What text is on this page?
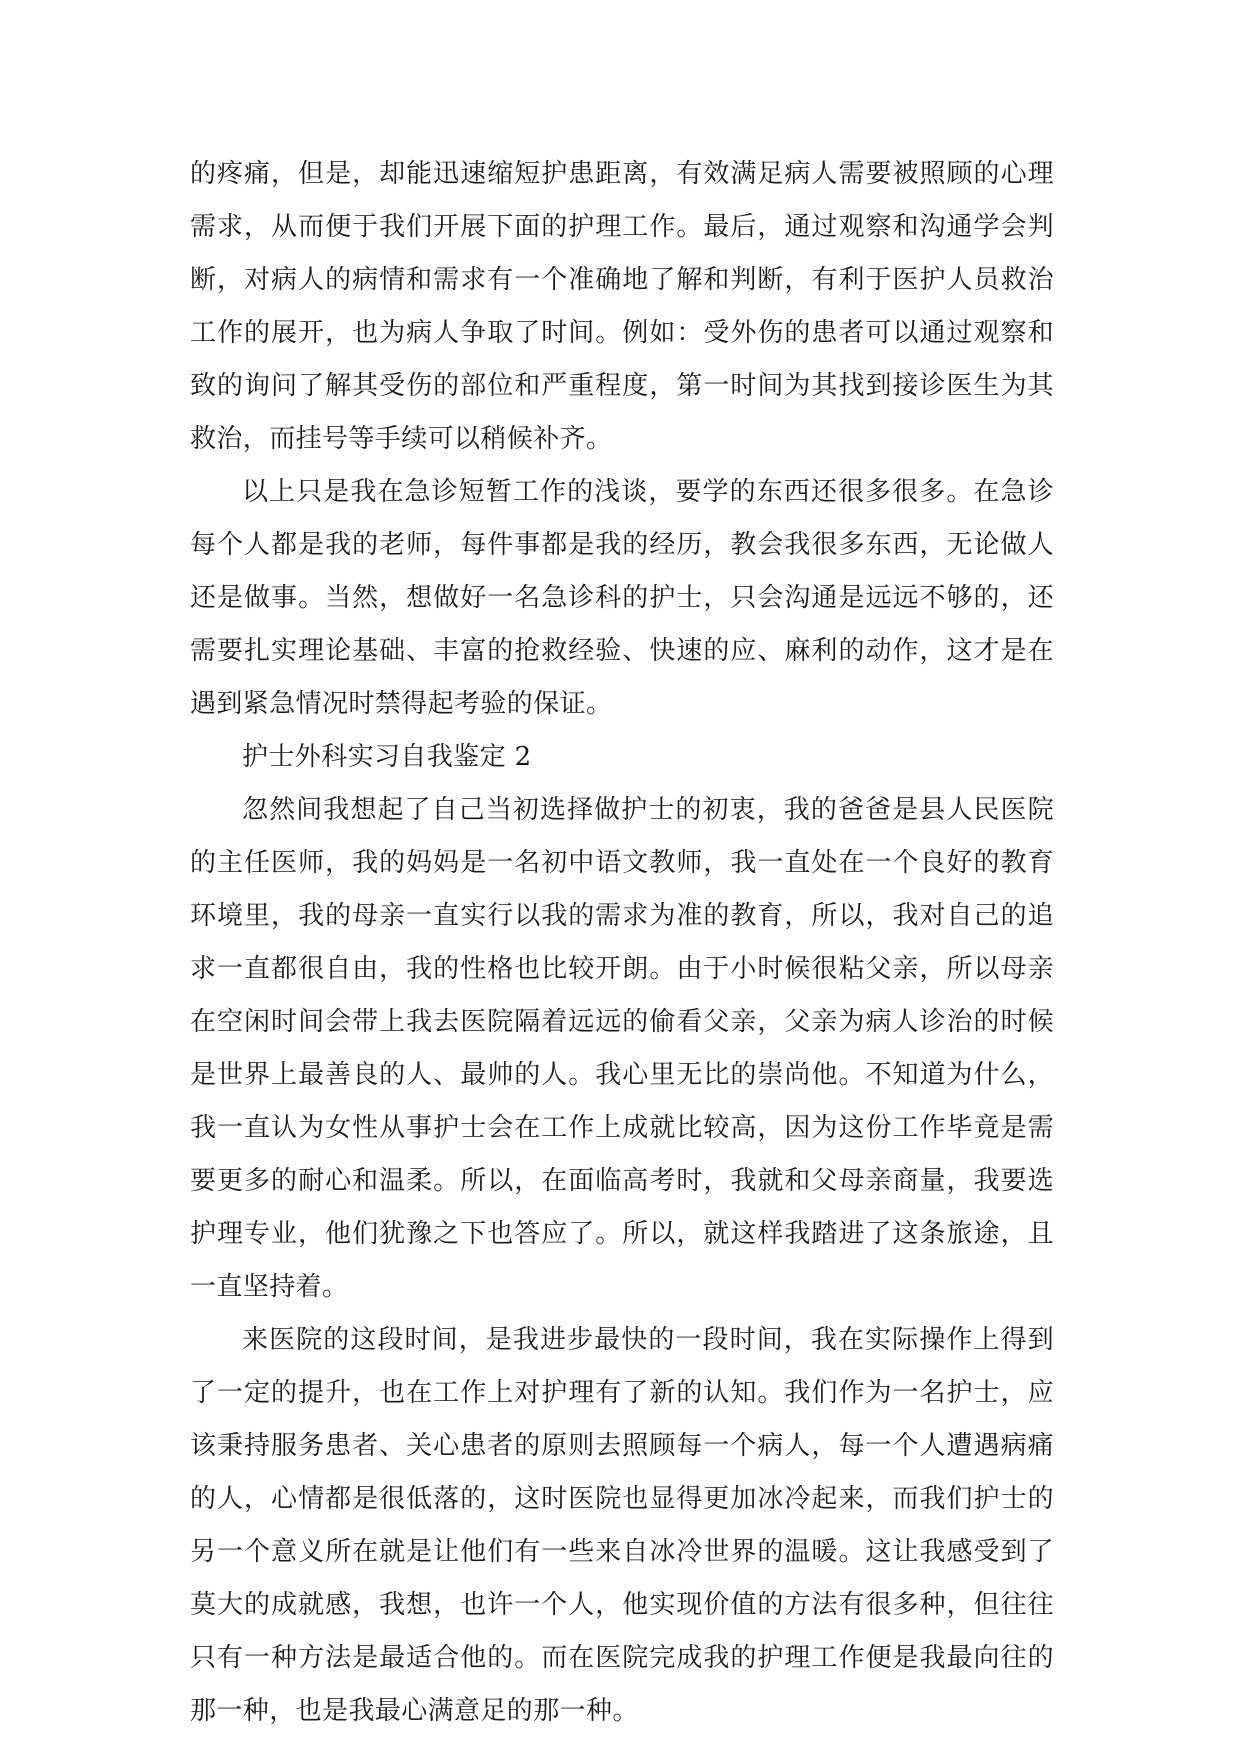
的疼痛，但是，却能迅速缩短护患距离，有效满足病人需要被照顾的心理需求，从而便于我们开展下面的护理工作。最后，通过观察和沟通学会判断，对病人的病情和需求有一个准确地了解和判断，有利于医护人员救治工作的展开，也为病人争取了时间。例如：受外伤的患者可以通过观察和致的询问了解其受伤的部位和严重程度，第一时间为其找到接诊医生为其救治，而挂号等手续可以稍候补齐。

以上只是我在急诊短暂工作的浅谈，要学的东西还很多很多。在急诊每个人都是我的老师，每件事都是我的经历，教会我很多东西，无论做人还是做事。当然，想做好一名急诊科的护士，只会沟通是远远不够的，还需要扎实理论基础、丰富的抢救经验、快速的应、麻利的动作，这才是在遇到紧急情况时禁得起考验的保证。

护士外科实习自我鉴定 2

忽然间我想起了自己当初选择做护士的初衷，我的爸爸是县人民医院的主任医师，我的妈妈是一名初中语文教师，我一直处在一个良好的教育环境里，我的母亲一直实行以我的需求为准的教育，所以，我对自己的追求一直都很自由，我的性格也比较开朗。由于小时候很粘父亲，所以母亲在空闲时间会带上我去医院隔着远远的偷看父亲，父亲为病人诊治的时候是世界上最善良的人、最帅的人。我心里无比的崇尚他。不知道为什么，我一直认为女性从事护士会在工作上成就比较高，因为这份工作毕竟是需要更多的耐心和温柔。所以，在面临高考时，我就和父母亲商量，我要选护理专业，他们犹豫之下也答应了。所以，就这样我踏进了这条旅途，且一直坚持着。

来医院的这段时间，是我进步最快的一段时间，我在实际操作上得到了一定的提升，也在工作上对护理有了新的认知。我们作为一名护士，应该秉持服务患者、关心患者的原则去照顾每一个病人，每一个人遭遇病痛的人，心情都是很低落的，这时医院也显得更加冰冷起来，而我们护士的另一个意义所在就是让他们有一些来自冰冷世界的温暖。这让我感受到了莫大的成就感，我想，也许一个人，他实现价值的方法有很多种，但往往只有一种方法是最适合他的。而在医院完成我的护理工作便是我最向往的那一种，也是我最心满意足的那一种。
